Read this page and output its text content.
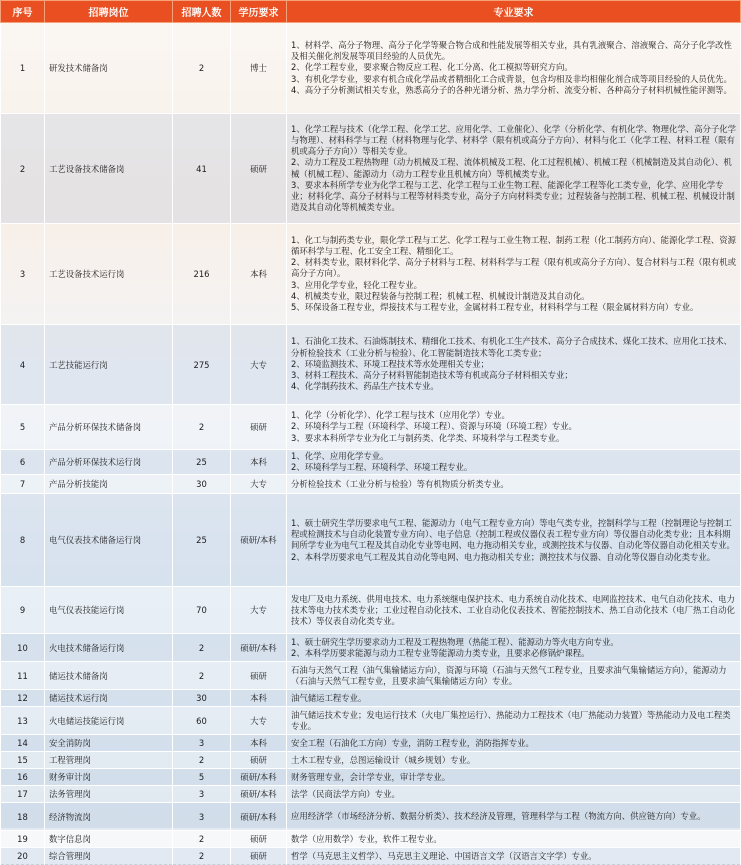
序号	招聘岗位	招聘人数	学历要求	专业要求
1	研发技术储备岗	2	博士	1、材料学、高分子物理、高分子化学等聚合物合成和性能发展等相关专业，具有乳液聚合、溶液聚合、高分子化学改性及相关催化剂发展等项目经验的人员优先。
2、化学工程专业，要求聚合物反应工程、化工分离、化工模拟等研究方向。
3、有机化学专业，要求有机合成化学品或者精细化工合成背景，包含均相及非均相催化剂合成等项目经验的人员优先。
4、高分子分析测试相关专业，熟悉高分子的各种光谱分析、热力学分析、流变分析、各种高分子材料机械性能评测等。

2	工艺设备技术储备岗	41	硕研	1、化学工程与技术（化学工程、化学工艺、应用化学、工业催化）、化学（分析化学、有机化学、物理化学、高分子化学与物理）、材料科学与工程（材料物理与化学、材料学（限有机或高分子方向）、材料与化工（化学工程、材料工程（限有机或高分子方向））等相关专业。
2、动力工程及工程热物理（动力机械及工程、流体机械及工程、化工过程机械）、机械工程（机械制造及其自动化）、机械（机械工程）、能源动力（动力工程专业且机械方向）等机械类专业。
3、要求本科所学专业为化学工程与工艺、化学工程与工业生物工程、能源化学工程等化工类专业，化学、应用化学专业；材料化学、高分子材料与工程等材料类专业，高分子方向材料类专业；过程装备与控制工程、机械工程、机械设计制造及其自动化等机械类专业。

3	工艺设备技术运行岗	216	本科	1、化工与制药类专业，限化学工程与工艺、化学工程与工业生物工程、制药工程（化工制药方向）、能源化学工程、资源循环科学与工程、化工安全工程、精细化工。
2、材料类专业，限材料化学、高分子材料与工程、材料科学与工程（限有机或高分子方向）、复合材料与工程（限有机或高分子方向）。
3、应用化学专业，轻化工程专业。
4、机械类专业，限过程装备与控制工程；机械工程、机械设计制造及其自动化。
5、环保设备工程专业，焊接技术与工程专业，金属材料工程专业，材料科学与工程（限金属材料方向）专业。

4	工艺技能运行岗	275	大专	1、石油化工技术、石油炼制技术、精细化工技术、有机化工生产技术、高分子合成技术、煤化工技术、应用化工技术、分析检验技术（工业分析与检验）、化工智能制造技术等化工类专业；
2、环境监测技术、环境工程技术等水处理相关专业；
3、材料工程技术、高分子材料智能制造技术等有机或高分子材料相关专业；
4、化学制药技术、药品生产技术专业。

5	产品分析环保技术储备岗	2	硕研	1、化学（分析化学）、化学工程与技术（应用化学）专业。
2、环境科学与工程（环境科学、环境工程）、资源与环境（环境工程）专业。
3、要求本科所学专业为化工与制药类、化学类、环境科学与工程类专业。

6	产品分析环保技术运行岗	25	本科	1、化学、应用化学专业。
2、环境科学与工程、环境科学、环境工程专业。

7	产品分析技能岗	30	大专	分析检验技术（工业分析与检验）等有机物质分析类专业。

8	电气仪表技术储备运行岗	25	硕研/本科	1、硕士研究生学历要求电气工程、能源动力（电气工程专业方向）等电气类专业，控制科学与工程（控制理论与控制工程或检测技术与自动化装置专业方向）、电子信息（控制工程或仪器仪表工程专业方向）等仪器自动化类专业；且本科期间所学专业为电气工程及其自动化专业等电网、电力拖动相关专业，或测控技术与仪器、自动化等仪器自动化相关专业。
2、本科学历要求电气工程及其自动化等电网、电力拖动相关专业；测控技术与仪器、自动化等仪器自动化类专业。

9	电气仪表技能运行岗	70	大专	发电厂及电力系统、供用电技术、电力系统继电保护技术、电力系统自动化技术、电网监控技术、电气自动化技术、电力技术等电力技术类专业；工业过程自动化技术、工业自动化仪表技术、智能控制技术、热工自动化技术（电厂热工自动化技术）等仪表自动化类专业。

10	火电技术储备运行岗	2	硕研/本科	1、硕士研究生学历要求动力工程及工程热物理（热能工程）、能源动力等火电方向专业。
2、本科学历要求能源与动力工程专业等能源动力类专业，且要求必修锅炉课程。

11	储运技术储备岗	2	硕研	石油与天然气工程（油气集输储运方向），资源与环境（石油与天然气工程专业，且要求油气集输储运方向），能源动力（石油与天然气工程专业，且要求油气集输储运方向）专业。

12	储运技术运行岗	30	本科	油气储运工程专业。

13	火电储运技能运行岗	60	大专	油气储运技术专业；发电运行技术（火电厂集控运行）、热能动力工程技术（电厂热能动力装置）等热能动力及电工程类专业。

14	安全消防岗	3	本科	安全工程（石油化工方向）专业，消防工程专业，消防指挥专业。

15	工程管理岗	2	硕研	土木工程专业，总图运输设计（城乡规划）专业。

16	财务审计岗	5	硕研/本科	财务管理专业，会计学专业，审计学专业。

17	法务管理岗	3	硕研/本科	法学（民商法学方向）专业。

18	经济物流岗	3	硕研/本科	应用经济学（市场经济分析、数据分析类）、技术经济及管理，管理科学与工程（物流方向、供应链方向）专业。

19	数字信息岗	2	硕研	数学（应用数学）专业，软件工程专业。

20	综合管理岗	2	硕研	哲学（马克思主义哲学）、马克思主义理论、中国语言文学（汉语言文字学）专业。
